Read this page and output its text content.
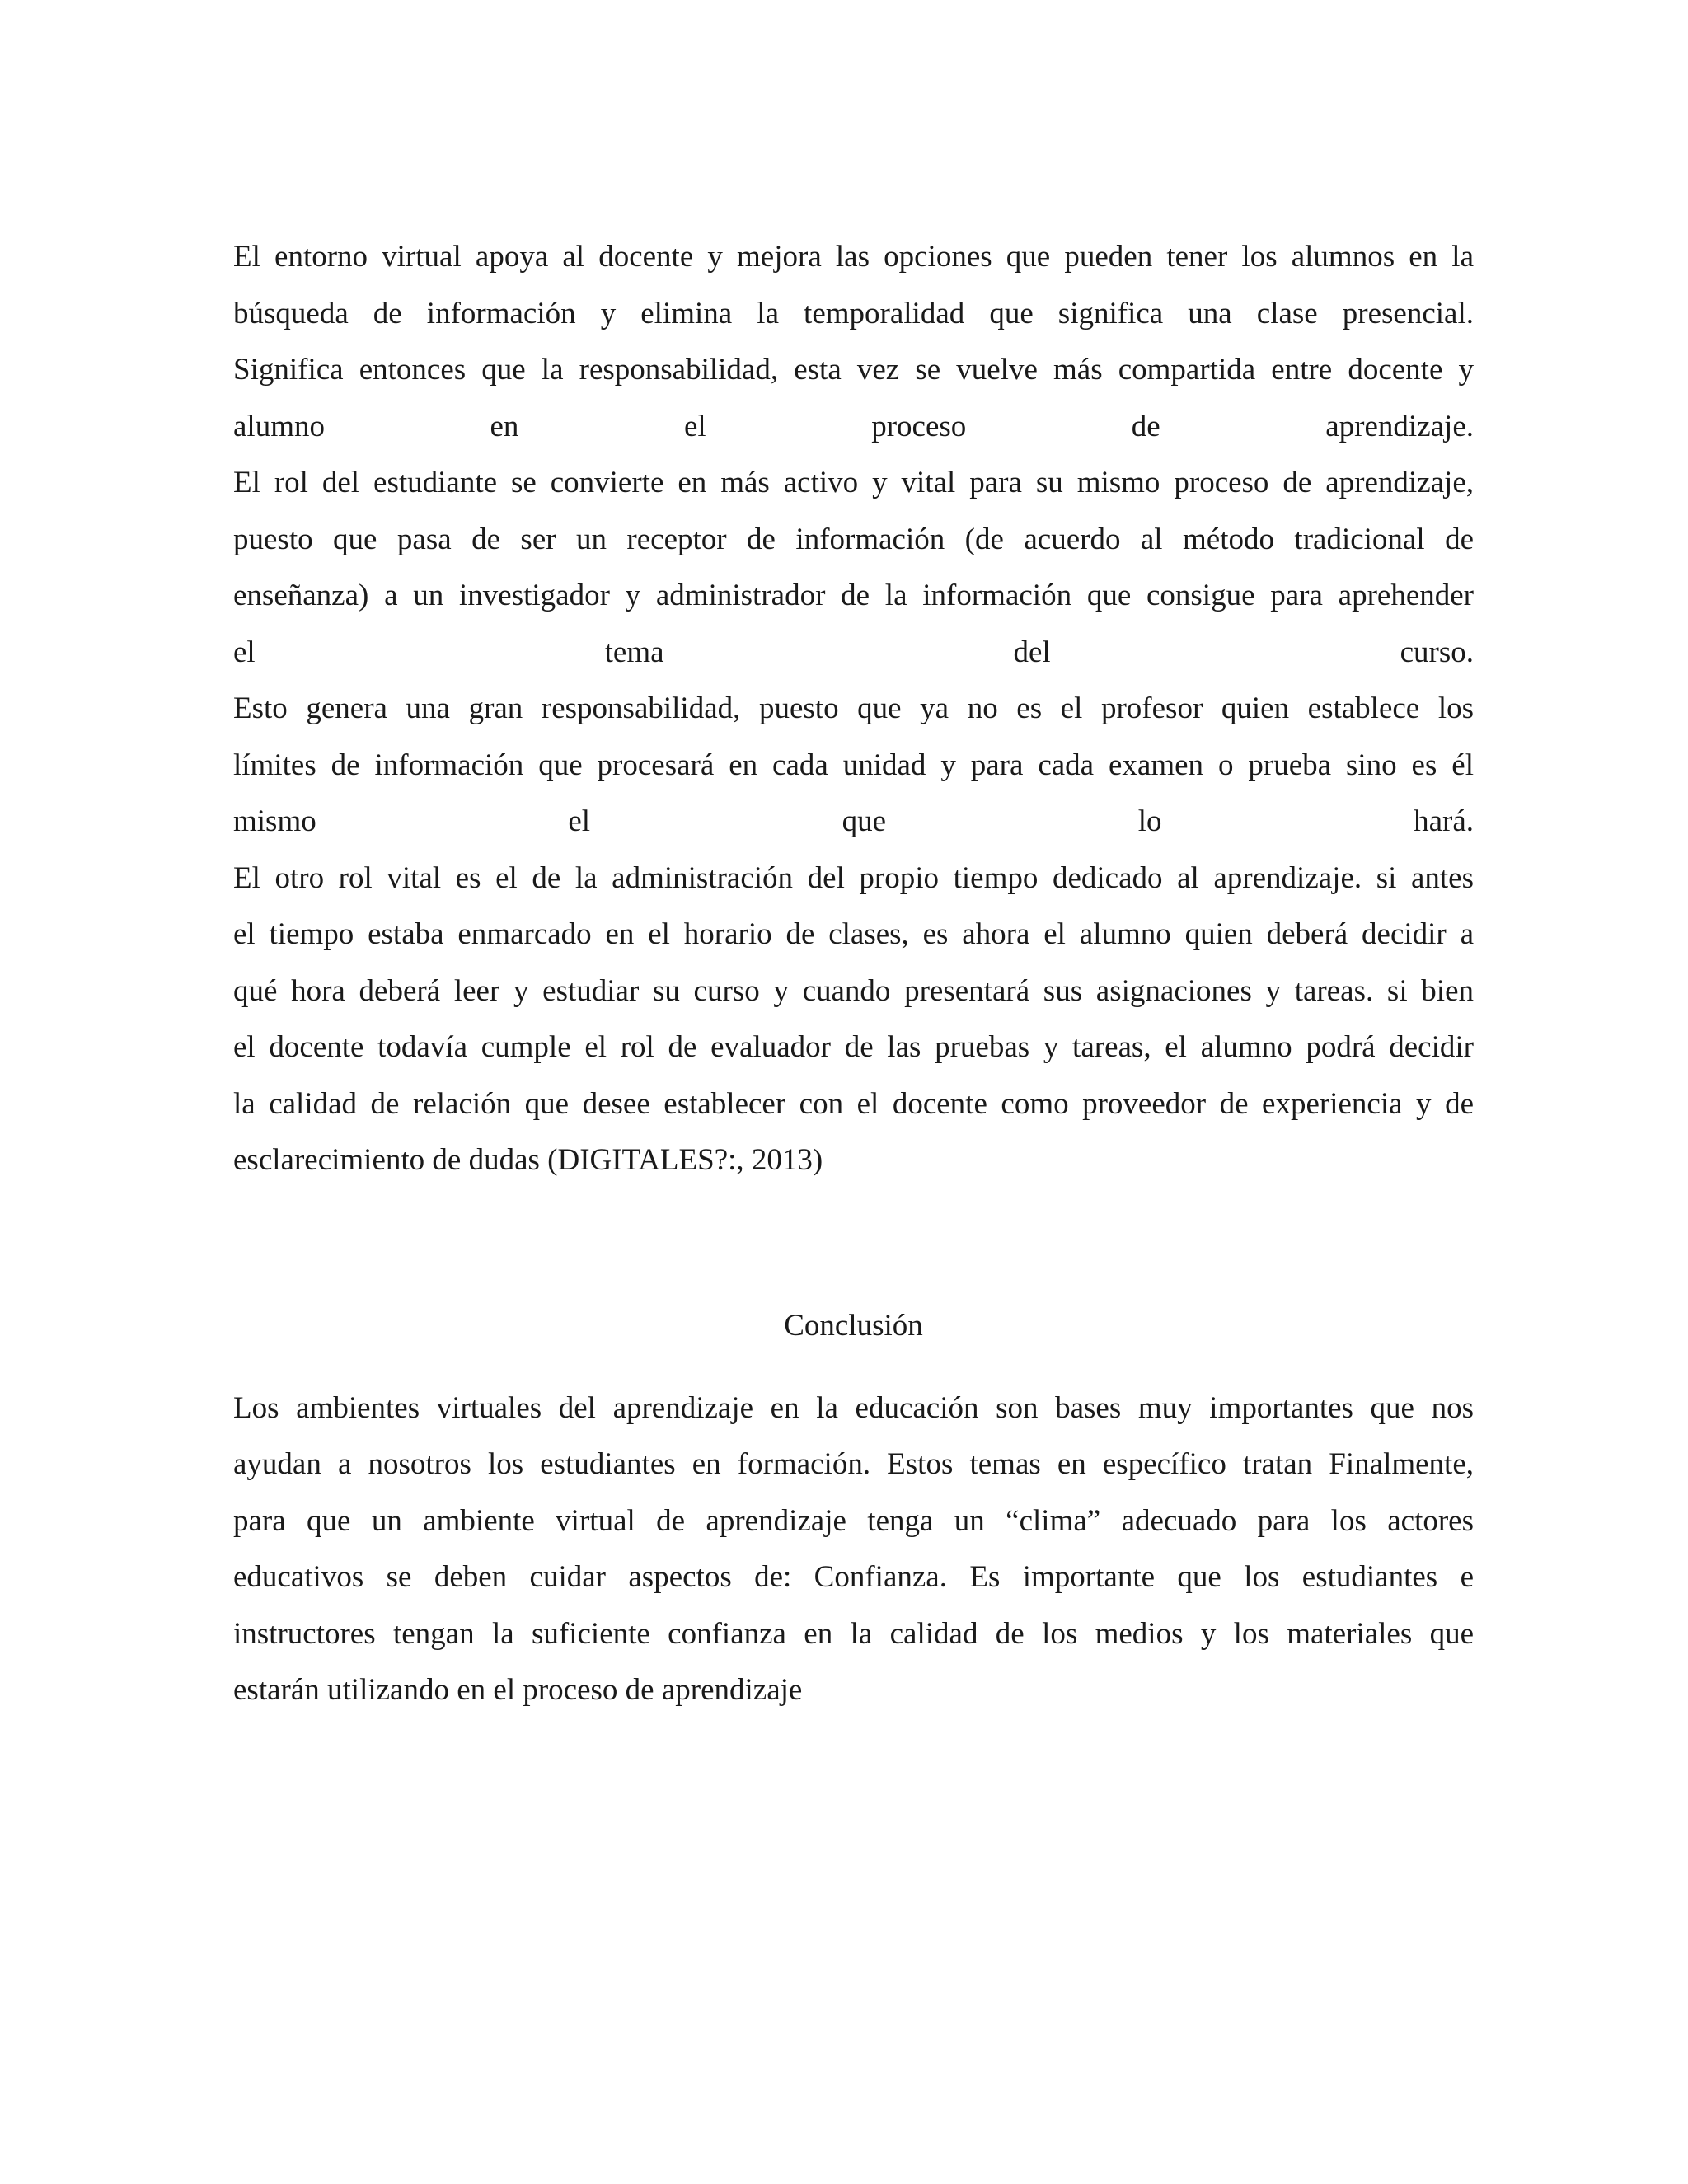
El entorno virtual apoya al docente y mejora las opciones que pueden tener los alumnos en la
búsqueda de información y elimina la temporalidad que significa una clase presencial.
Significa entonces que la responsabilidad, esta vez se vuelve más compartida entre docente y
alumno en el proceso de aprendizaje.
El rol del estudiante se convierte en más activo y vital para su mismo proceso de aprendizaje,
puesto que pasa de ser un receptor de información (de acuerdo al método tradicional de
enseñanza) a un investigador y administrador de la información que consigue para aprehender
el tema del curso.
Esto genera una gran responsabilidad, puesto que ya no es el profesor quien establece los
límites de información que procesará en cada unidad y para cada examen o prueba sino es él
mismo el que lo hará.
El otro rol vital es el de la administración del propio tiempo dedicado al aprendizaje. si antes
el tiempo estaba enmarcado en el horario de clases, es ahora el alumno quien deberá decidir a
qué hora deberá leer y estudiar su curso y cuando presentará sus asignaciones y tareas. si bien
el docente todavía cumple el rol de evaluador de las pruebas y tareas, el alumno podrá decidir
la calidad de relación que desee establecer con el docente como proveedor de experiencia y de
esclarecimiento de dudas (DIGITALES?:, 2013)
Conclusión
Los ambientes virtuales del aprendizaje en la educación son bases muy importantes que nos
ayudan a nosotros los estudiantes en formación. Estos temas en específico tratan Finalmente,
para que un ambiente virtual de aprendizaje tenga un “clima” adecuado para los actores
educativos se deben cuidar aspectos de: Confianza. Es importante que los estudiantes e
instructores tengan la suficiente confianza en la calidad de los medios y los materiales que
estarán utilizando en el proceso de aprendizaje
